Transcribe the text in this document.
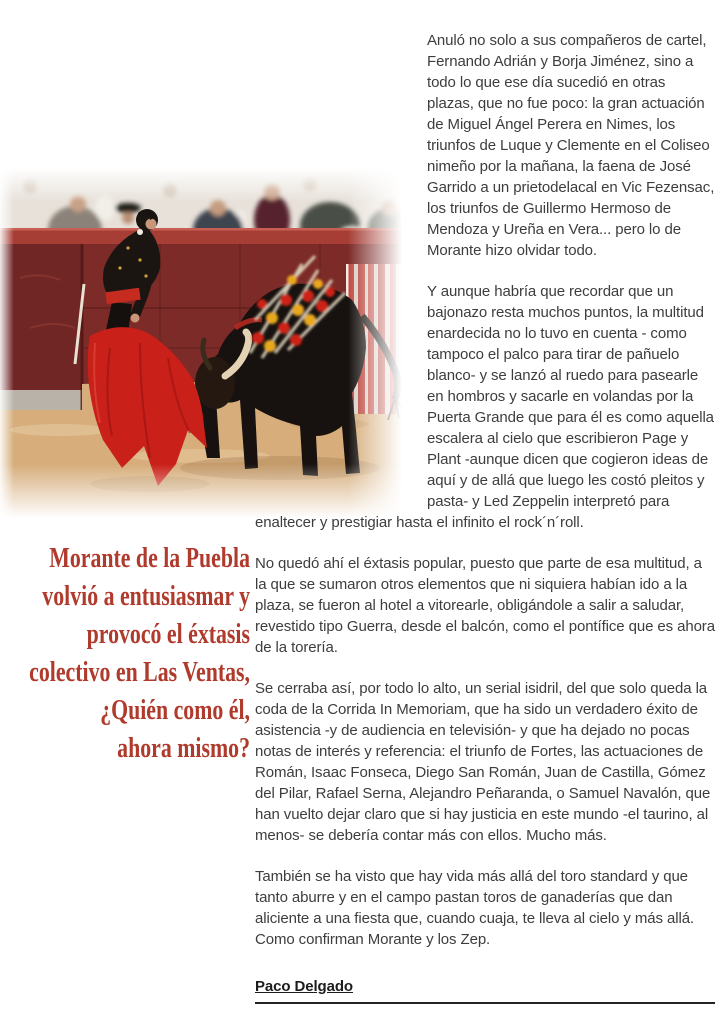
Morante de la Puebla
volvió a entusiasmar y
provocó el éxtasis
colectivo en Las Ventas,
¿Quién como él,
ahora mismo?

Anuló no solo a sus compañeros de cartel, Fernando Adrián y Borja Jiménez, sino a todo lo que ese día sucedió en otras plazas, que no fue poco: la gran actuación de Miguel Ángel Perera en Nimes, los triunfos de Luque y Clemente en el Coliseo nimeño por la mañana, la faena de José Garrido a un prietodelacal en Vic Fezensac, los triunfos de Guillermo Hermoso de Mendoza y Ureña en Vera... pero lo de Morante hizo olvidar todo.

Y aunque habría que recordar que un bajonazo resta muchos puntos, la multitud enardecida no lo tuvo en cuenta - como tampoco el palco para tirar de pañuelo blanco- y se lanzó al ruedo para pasearle en hombros y sacarle en volandas por la Puerta Grande que para él es como aquella escalera al cielo que escribieron Page y Plant -aunque dicen que cogieron ideas de aquí y de allá que luego les costó pleitos y pasta- y Led Zeppelin interpretó para enaltecer y prestigiar hasta el infinito el rock´n´roll.

No quedó ahí el éxtasis popular, puesto que parte de esa multitud, a la que se sumaron otros elementos que ni siquiera habían ido a la plaza, se fueron al hotel a vitorearle, obligándole a salir a saludar, revestido tipo Guerra, desde el balcón, como el pontífice que es ahora de la torería.

Se cerraba así, por todo lo alto, un serial isidril, del que solo queda la coda de la Corrida In Memoriam, que ha sido un verdadero éxito de asistencia -y de audiencia en televisión- y que ha dejado no pocas notas de interés y referencia: el triunfo de Fortes, las actuaciones de Román, Isaac Fonseca, Diego San Román, Juan de Castilla, Gómez del Pilar, Rafael Serna, Alejandro Peñaranda, o Samuel Navalón, que han vuelto dejar claro que si hay justicia en este mundo -el taurino, al menos- se debería contar más con ellos. Mucho más.

También se ha visto que hay vida más allá del toro standard y que tanto aburre y en el campo pastan toros de ganaderías que dan aliciente a una fiesta que, cuando cuaja, te lleva al cielo y más allá. Como confirman Morante y los Zep.

Paco Delgado
